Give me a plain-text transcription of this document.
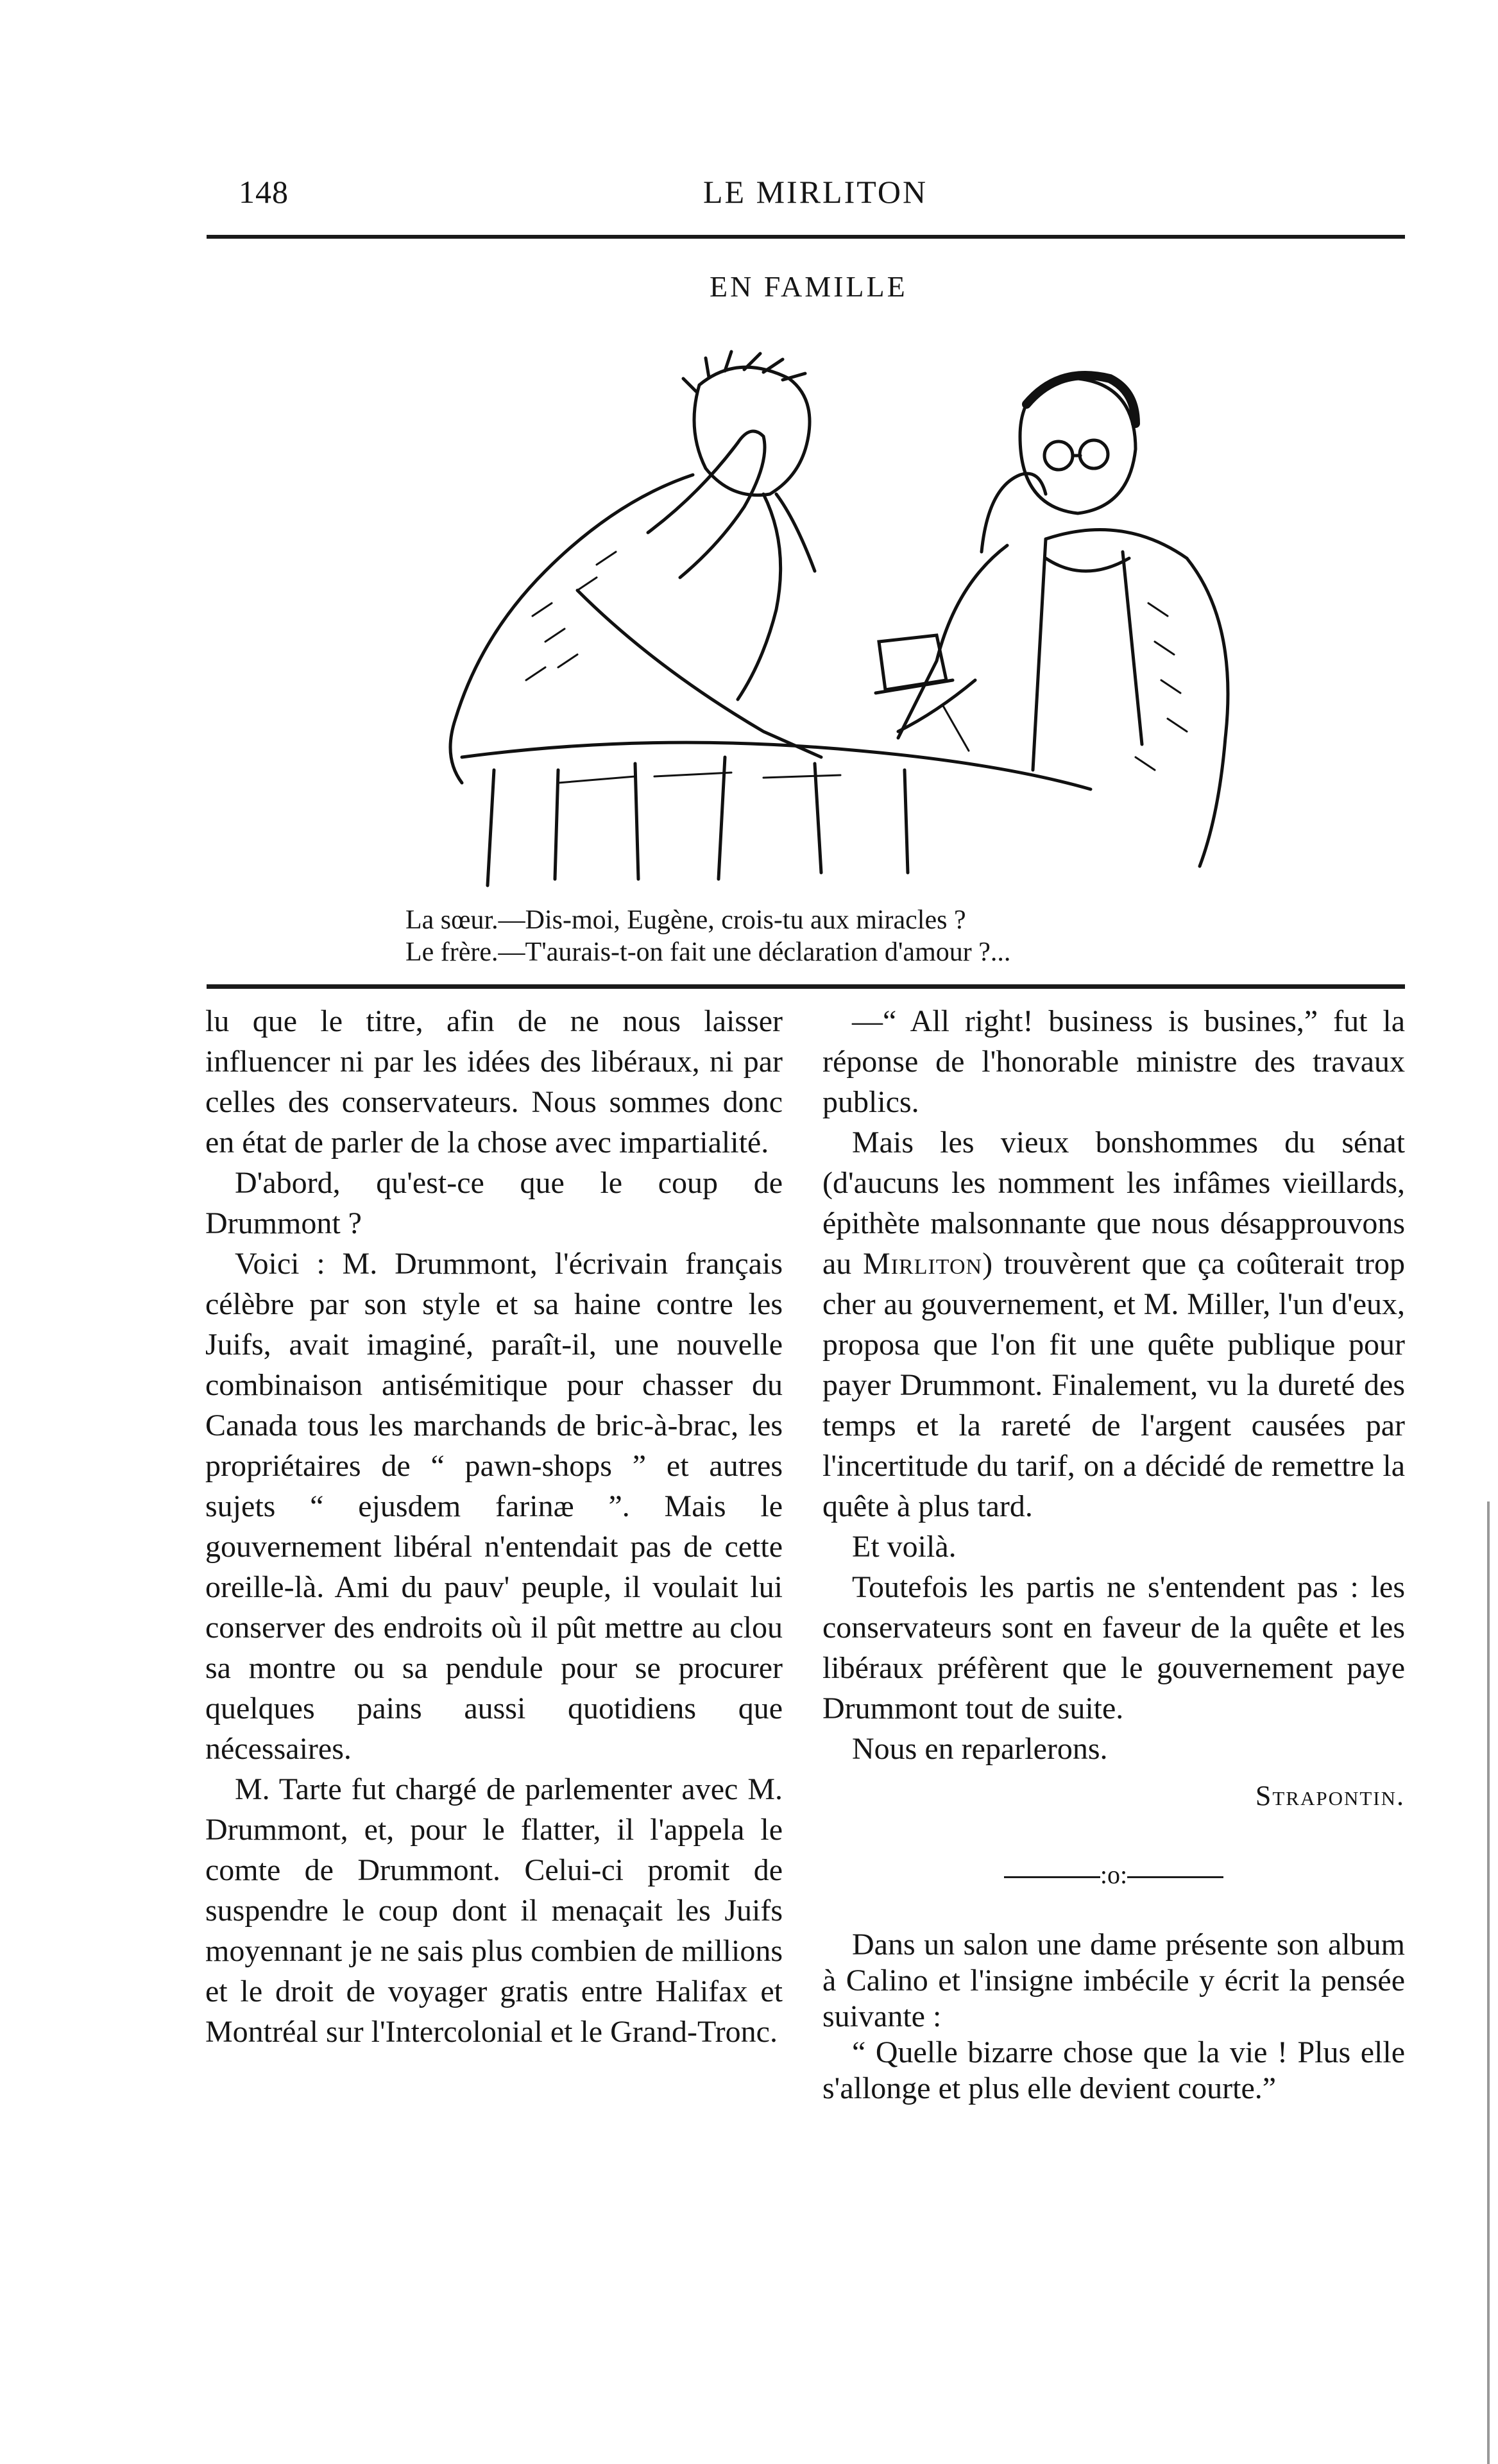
148	LE MIRLITON
EN FAMILLE
La sœur.—Dis-moi, Eugène, crois-tu aux miracles ?
Le frère.—T'aurais-t-on fait une déclaration d'amour ?...

lu que le titre, afin de ne nous laisser influencer ni par les idées des libéraux, ni par celles des conservateurs. Nous sommes donc en état de parler de la chose avec impartialité.

D'abord, qu'est-ce que le coup de Drummont ?

Voici : M. Drummont, l'écrivain français célèbre par son style et sa haine contre les Juifs, avait imaginé, paraît-il, une nouvelle combinaison antisémitique pour chasser du Canada tous les marchands de bric-à-brac, les propriétaires de “ pawn-shops ” et autres sujets “ ejusdem farinæ ”. Mais le gouvernement libéral n'entendait pas de cette oreille-là. Ami du pauv' peuple, il voulait lui conserver des endroits où il pût mettre au clou sa montre ou sa pendule pour se procurer quelques pains aussi quotidiens que nécessaires.

M. Tarte fut chargé de parlementer avec M. Drummont, et, pour le flatter, il l'appela le comte de Drummont. Celui-ci promit de suspendre le coup dont il menaçait les Juifs moyennant je ne sais plus combien de millions et le droit de voyager gratis entre Halifax et Montréal sur l'Intercolonial et le Grand-Tronc.

—“ All right! business is busines,” fut la réponse de l'honorable ministre des travaux publics.

Mais les vieux bonshommes du sénat (d'aucuns les nomment les infâmes vieillards, épithète malsonnante que nous désapprouvons au Mirliton) trouvèrent que ça coûterait trop cher au gouvernement, et M. Miller, l'un d'eux, proposa que l'on fit une quête publique pour payer Drummont. Finalement, vu la dureté des temps et la rareté de l'argent causées par l'incertitude du tarif, on a décidé de remettre la quête à plus tard.

Et voilà.

Toutefois les partis ne s'entendent pas : les conservateurs sont en faveur de la quête et les libéraux préfèrent que le gouvernement paye Drummont tout de suite.

Nous en reparlerons.

Strapontin.
:o:

Dans un salon une dame présente son album à Calino et l'insigne imbécile y écrit la pensée suivante :

“ Quelle bizarre chose que la vie ! Plus elle s'allonge et plus elle devient courte.”
